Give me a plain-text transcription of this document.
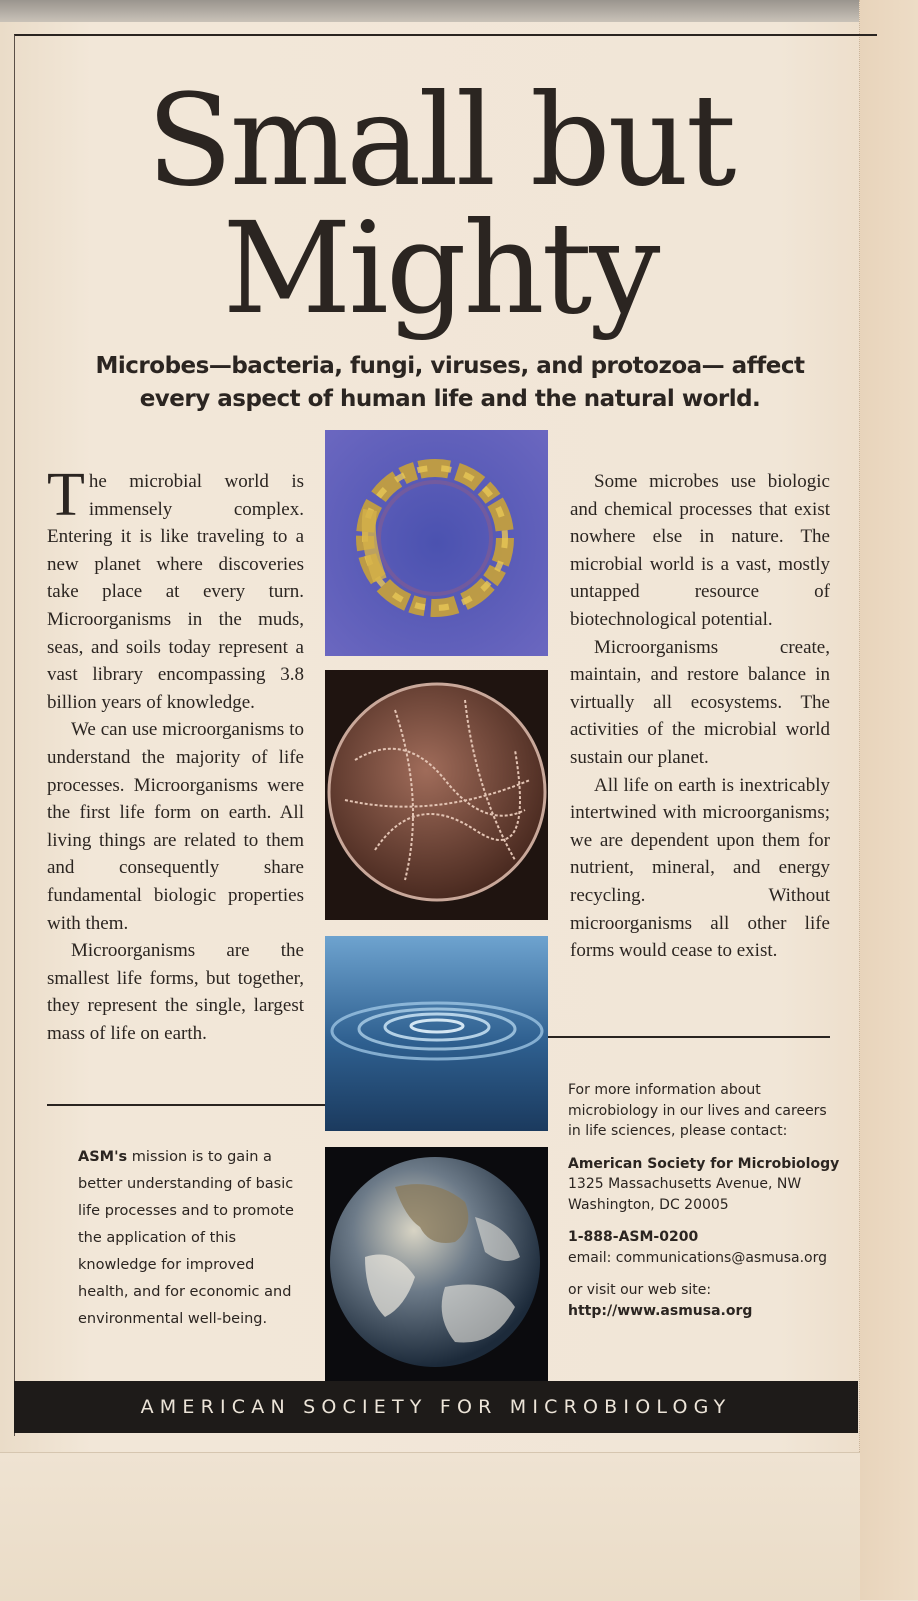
Small but
Mighty
Microbes—bacteria, fungi, viruses, and protozoa— affect every aspect of human life and the natural world.

The microbial world is immensely complex. Entering it is like traveling to a new planet where discoveries take place at every turn. Microorganisms in the muds, seas, and soils today represent a vast library encompassing 3.8 billion years of knowledge.

We can use microorganisms to understand the majority of life processes. Microorganisms were the first life form on earth. All living things are related to them and consequently share fundamental biologic properties with them.

Microorganisms are the smallest life forms, but together, they represent the single, largest mass of life on earth.

Some microbes use biologic and chemical processes that exist nowhere else in nature. The microbial world is a vast, mostly untapped resource of biotechnological potential.

Microorganisms create, maintain, and restore balance in virtually all ecosystems. The activities of the microbial world sustain our planet.

All life on earth is inextricably intertwined with microorganisms; we are dependent upon them for nutrient, mineral, and energy recycling. Without microorganisms all other life forms would cease to exist.

ASM's mission is to gain a better understanding of basic life processes and to promote the application of this knowledge for improved health, and for economic and environmental well-being.
For more information about microbiology in our lives and careers in life sciences, please contact:
American Society for Microbiology
1325 Massachusetts Avenue, NW
Washington, DC 20005
1-888-ASM-0200
email: communications@asmusa.org
or visit our web site:
http://www.asmusa.org
AMERICAN SOCIETY FOR MICROBIOLOGY
